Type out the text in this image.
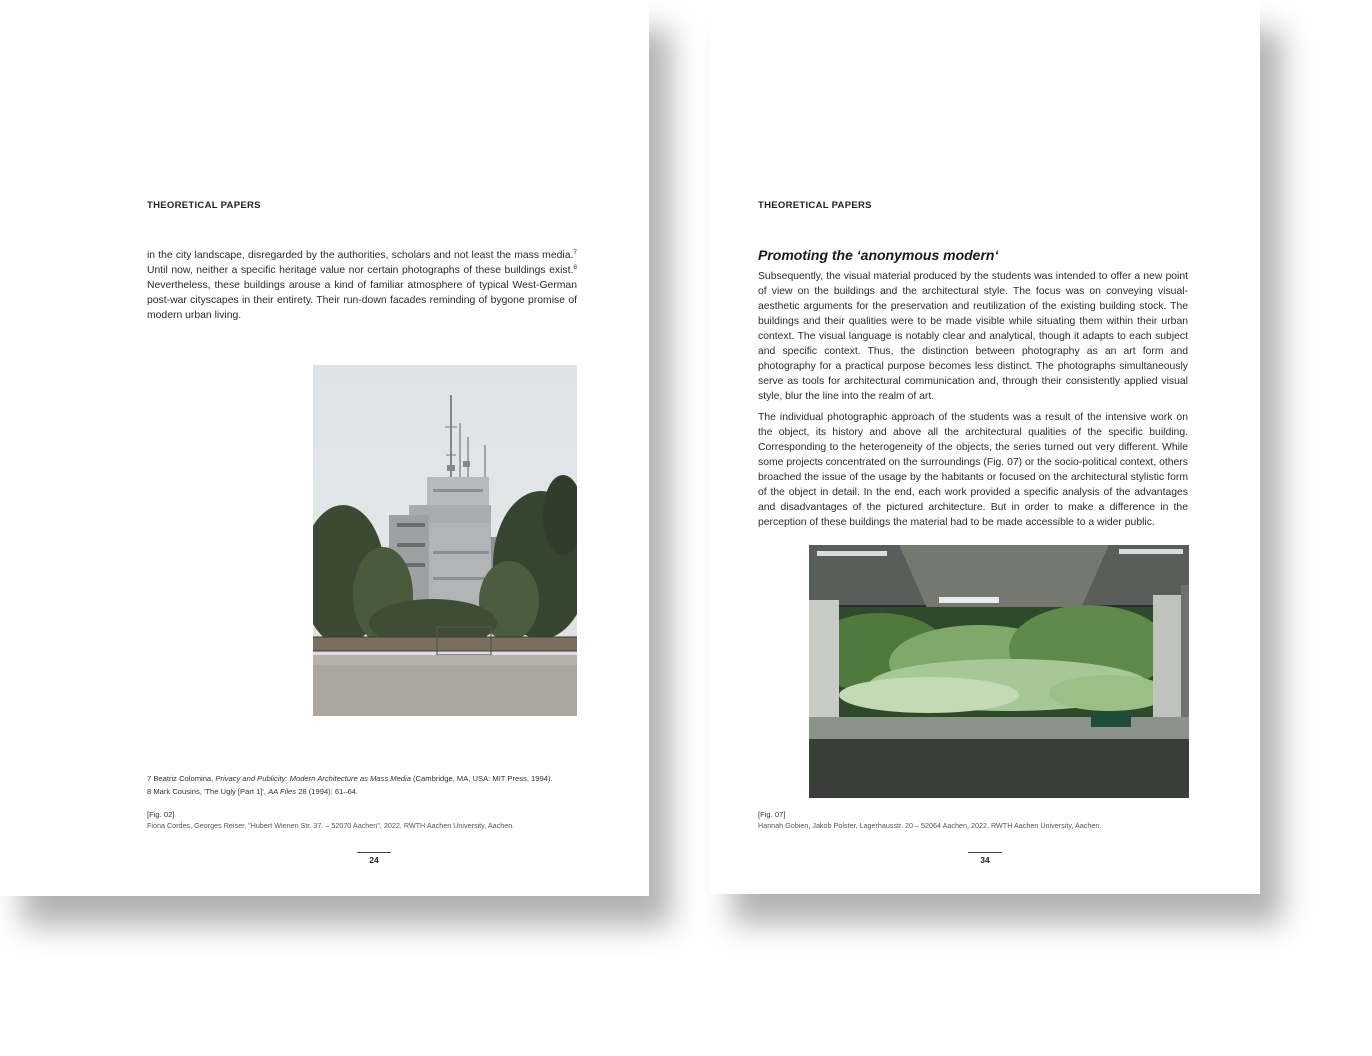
THEORETICAL PAPERS
in the city landscape, disregarded by the authorities, scholars and not least the mass media.$^7$ Until now, neither a specific heritage value nor certain photographs of these buildings exist.$^8$ Nevertheless, these buildings arouse a kind of familiar atmosphere of typical West-German post-war cityscapes in their entirety. Their run-down facades reminding of bygone promise of modern urban living.
7 Beatriz Colomina, Privacy and Publicity: Modern Architecture as Mass Media (Cambridge, MA, USA: MIT Press, 1994).
8 Mark Cousins, 'The Ugly [Part 1]', AA Files 28 (1994): 61–64.
[Fig. 02]
Fiona Cordes, Georges Reiser, "Hubert Wienen Str. 37. – 52070 Aachen", 2022, RWTH Aachen University, Aachen.
24
THEORETICAL PAPERS
Promoting the ‘anonymous modern‘

Subsequently, the visual material produced by the students was intended to offer a new point of view on the buildings and the architectural style. The focus was on conveying visual-aesthetic arguments for the preservation and reutilization of the existing building stock. The buildings and their qualities were to be made visible while situating them within their urban context. The visual language is notably clear and analytical, though it adapts to each subject and specific context. Thus, the distinction between photography as an art form and photography for a practical purpose becomes less distinct. The photographs simultaneously serve as tools for architectural communication and, through their consistently applied visual style, blur the line into the realm of art.

The individual photographic approach of the students was a result of the intensive work on the object, its history and above all the architectural qualities of the specific building. Corresponding to the heterogeneity of the objects, the series turned out very different. While some projects concentrated on the surroundings (Fig. 07) or the socio-political context, others broached the issue of the usage by the habitants or focused on the architectural stylistic form of the object in detail. In the end, each work provided a specific analysis of the advantages and disadvantages of the pictured architecture. But in order to make a difference in the perception of these buildings the material had to be made accessible to a wider public.

[Fig. 07]
Hannah Gobien, Jakob Polster, Lagerhausstr. 20 – 52064 Aachen, 2022, RWTH Aachen University, Aachen.
34
